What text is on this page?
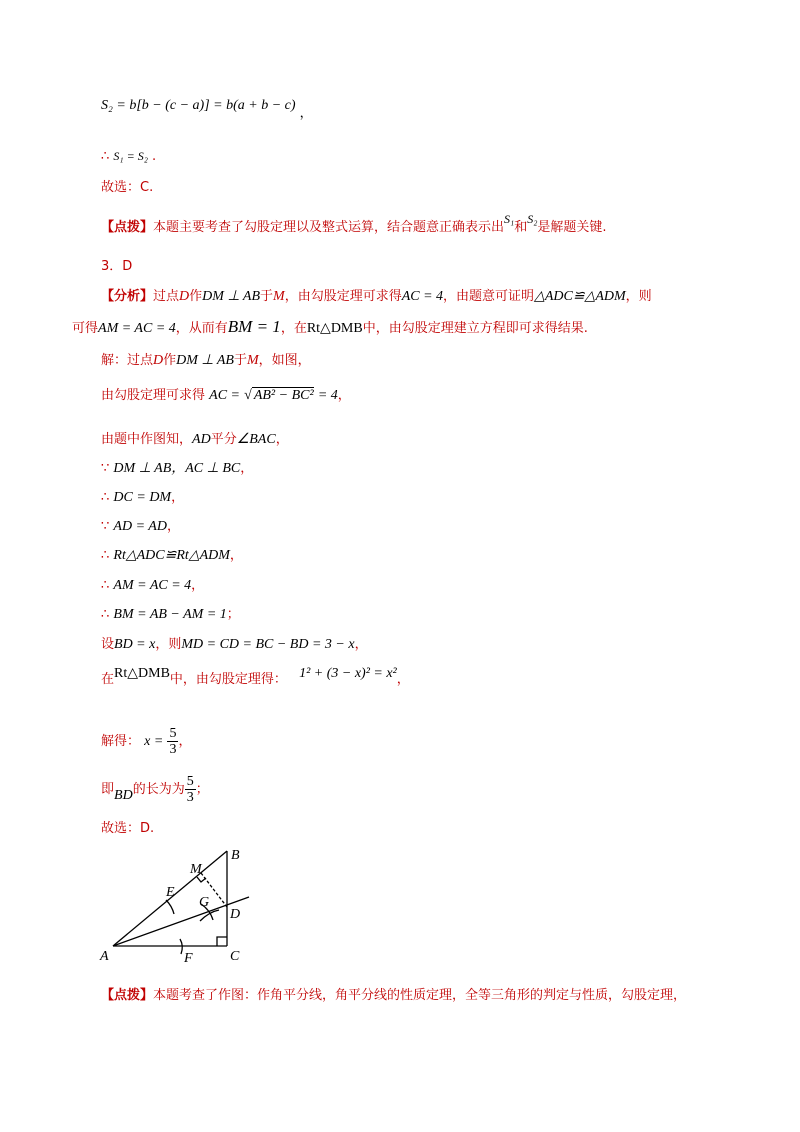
S₂ = b[b − (c − a)] = b(a + b − c) ，
∴ S₁ = S₂ .
故选：C.
【点拨】本题主要考查了勾股定理以及整式运算，结合题意正确表示出S₁和S₂是解题关键.
3．D
【分析】过点D作DM ⊥ AB于M，由勾股定理可求得AC = 4，由题意可证明△ADC≌△ADM，则
可得AM = AC = 4，从而有BM = 1，在Rt△DMB中，由勾股定理建立方程即可求得结果.
解：过点D作DM ⊥ AB于M，如图，
由勾股定理可求得 AC = √ AB² − BC² = 4，
由题中作图知，AD平分∠BAC，
∵ DM ⊥ AB，AC ⊥ BC，
∴ DC = DM，
∵ AD = AD，
∴ Rt△ADC≌Rt△ADM，
∴ AM = AC = 4，
∴ BM = AB − AM = 1；
设BD = x，则MD = CD = BC − BD = 3 − x，
在Rt△DMB中，由勾股定理得： 1² + (3 − x)² = x²，
解得： $x = \frac{5}{3}$ ，
即BD的长为为 $\frac{5}{3}$ ；
故选：D.
A
B
C
D
E
F
G
M
【点拨】本题考查了作图：作角平分线，角平分线的性质定理，全等三角形的判定与性质，勾股定理，
